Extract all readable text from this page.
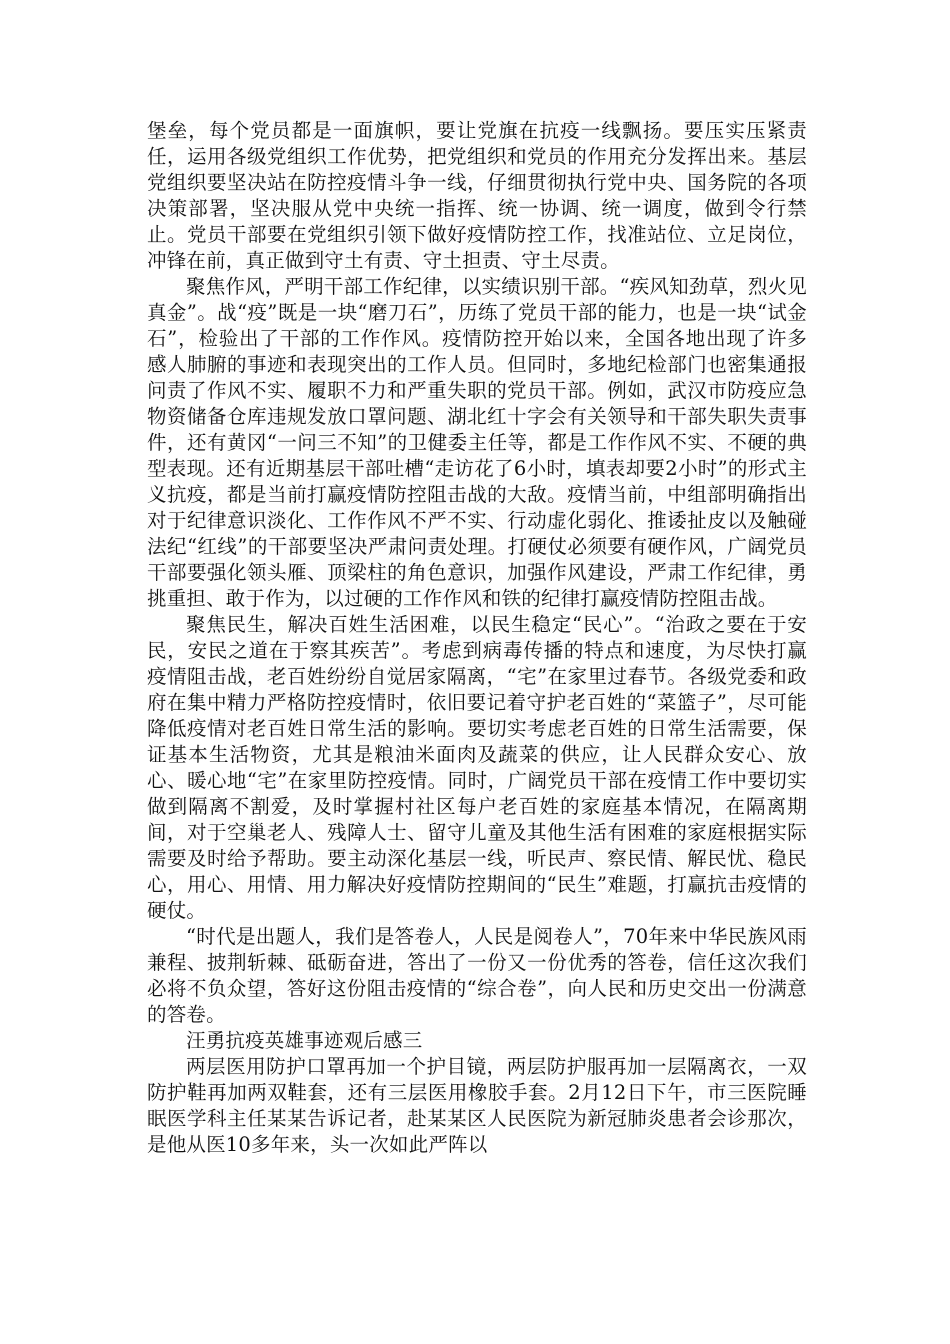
堡垒，每个党员都是一面旗帜，要让党旗在抗疫一线飘扬。要压实压紧责任，运用各级党组织工作优势，把党组织和党员的作用充分发挥出来。基层党组织要坚决站在防控疫情斗争一线，仔细贯彻执行党中央、国务院的各项决策部署，坚决服从党中央统一指挥、统一协调、统一调度，做到令行禁止。党员干部要在党组织引领下做好疫情防控工作，找准站位、立足岗位，冲锋在前，真正做到守土有责、守土担责、守土尽责。

聚焦作风，严明干部工作纪律，以实绩识别干部。“疾风知劲草，烈火见真金”。战“疫”既是一块“磨刀石”，历练了党员干部的能力，也是一块“试金石”，检验出了干部的工作作风。疫情防控开始以来，全国各地出现了许多感人肺腑的事迹和表现突出的工作人员。但同时，多地纪检部门也密集通报问责了作风不实、履职不力和严重失职的党员干部。例如，武汉市防疫应急物资储备仓库违规发放口罩问题、湖北红十字会有关领导和干部失职失责事件，还有黄冈“一问三不知”的卫健委主任等，都是工作作风不实、不硬的典型表现。还有近期基层干部吐槽“走访花了6小时，填表却要2小时”的形式主义抗疫，都是当前打赢疫情防控阻击战的大敌。疫情当前，中组部明确指出对于纪律意识淡化、工作作风不严不实、行动虚化弱化、推诿扯皮以及触碰法纪“红线”的干部要坚决严肃问责处理。打硬仗必须要有硬作风，广阔党员干部要强化领头雁、顶梁柱的角色意识，加强作风建设，严肃工作纪律，勇挑重担、敢于作为，以过硬的工作作风和铁的纪律打赢疫情防控阻击战。

聚焦民生，解决百姓生活困难，以民生稳定“民心”。“治政之要在于安民，安民之道在于察其疾苦”。考虑到病毒传播的特点和速度，为尽快打赢疫情阻击战，老百姓纷纷自觉居家隔离，“宅”在家里过春节。各级党委和政府在集中精力严格防控疫情时，依旧要记着守护老百姓的“菜篮子”，尽可能降低疫情对老百姓日常生活的影响。要切实考虑老百姓的日常生活需要，保证基本生活物资，尤其是粮油米面肉及蔬菜的供应，让人民群众安心、放心、暖心地“宅”在家里防控疫情。同时，广阔党员干部在疫情工作中要切实做到隔离不割爱，及时掌握村社区每户老百姓的家庭基本情况，在隔离期间，对于空巢老人、残障人士、留守儿童及其他生活有困难的家庭根据实际需要及时给予帮助。要主动深化基层一线，听民声、察民情、解民忧、稳民心，用心、用情、用力解决好疫情防控期间的“民生”难题，打赢抗击疫情的硬仗。

“时代是出题人，我们是答卷人，人民是阅卷人”，70年来中华民族风雨兼程、披荆斩棘、砥砺奋进，答出了一份又一份优秀的答卷，信任这次我们必将不负众望，答好这份阻击疫情的“综合卷”，向人民和历史交出一份满意的答卷。

汪勇抗疫英雄事迹观后感三

两层医用防护口罩再加一个护目镜，两层防护服再加一层隔离衣，一双防护鞋再加两双鞋套，还有三层医用橡胶手套。2月12日下午，市三医院睡眠医学科主任某某告诉记者，赴某某区人民医院为新冠肺炎患者会诊那次，是他从医10多年来，头一次如此严阵以
